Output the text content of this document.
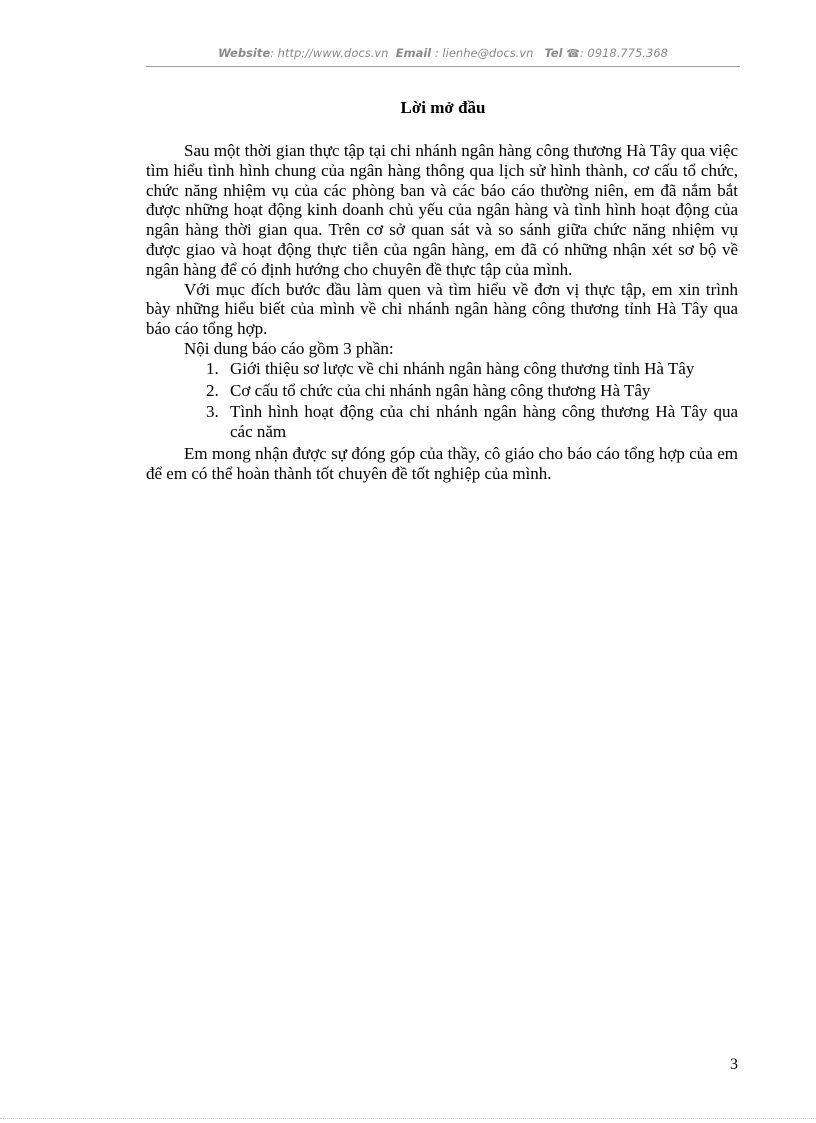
Website: http://www.docs.vn Email : lienhe@docs.vn Tel ☎: 0918.775.368
Lời mở đầu

Sau một thời gian thực tập tại chi nhánh ngân hàng công thương Hà Tây qua việc tìm hiểu tình hình chung của ngân hàng thông qua lịch sử hình thành, cơ cấu tổ chức, chức năng nhiệm vụ của các phòng ban và các báo cáo thường niên, em đã nắm bắt được những hoạt động kinh doanh chủ yếu của ngân hàng và tình hình hoạt động của ngân hàng thời gian qua. Trên cơ sở quan sát và so sánh giữa chức năng nhiệm vụ được giao và hoạt động thực tiễn của ngân hàng, em đã có những nhận xét sơ bộ về ngân hàng để có định hướng cho chuyên đề thực tập của mình.

Với mục đích bước đầu làm quen và tìm hiểu về đơn vị thực tập, em xin trình bày những hiểu biết của mình về chi nhánh ngân hàng công thương tỉnh Hà Tây qua báo cáo tổng hợp.

Nội dung báo cáo gồm 3 phần:

1. Giới thiệu sơ lược về chi nhánh ngân hàng công thương tỉnh Hà Tây
2. Cơ cấu tổ chức của chi nhánh ngân hàng công thương Hà Tây
3. Tình hình hoạt động của chi nhánh ngân hàng công thương Hà Tây qua các năm

Em mong nhận được sự đóng góp của thầy, cô giáo cho báo cáo tổng hợp của em để em có thể hoàn thành tốt chuyên đề tốt nghiệp của mình.

3
